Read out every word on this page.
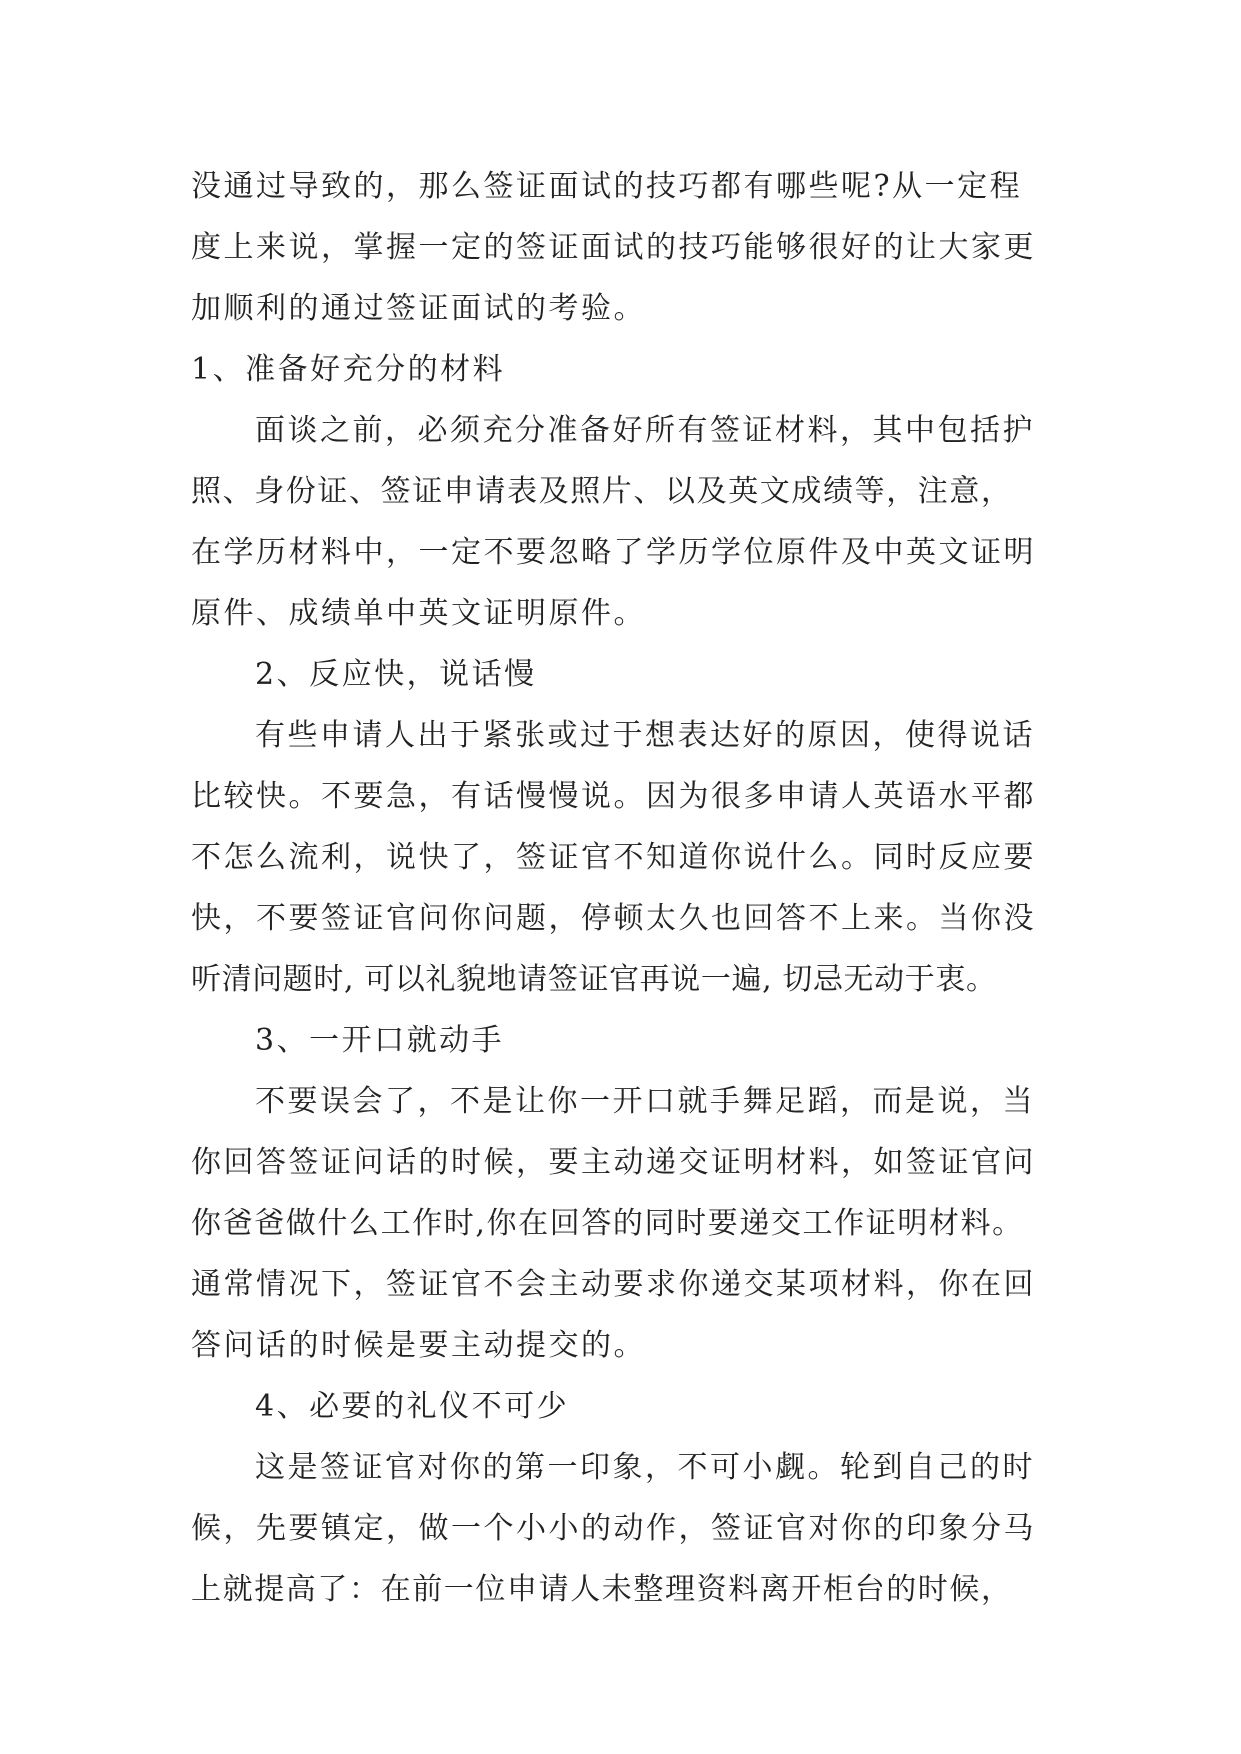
没通过导致的，那么签证面试的技巧都有哪些呢?从一定程
度上来说，掌握一定的签证面试的技巧能够很好的让大家更
加顺利的通过签证面试的考验。
1、准备好充分的材料
面谈之前，必须充分准备好所有签证材料，其中包括护
照、身份证、签证申请表及照片、以及英文成绩等，注意，
在学历材料中，一定不要忽略了学历学位原件及中英文证明
原件、成绩单中英文证明原件。
2、反应快，说话慢
有些申请人出于紧张或过于想表达好的原因，使得说话
比较快。不要急，有话慢慢说。因为很多申请人英语水平都
不怎么流利，说快了，签证官不知道你说什么。同时反应要
快，不要签证官问你问题，停顿太久也回答不上来。当你没
听清问题时, 可以礼貌地请签证官再说一遍, 切忌无动于衷。
3、一开口就动手
不要误会了，不是让你一开口就手舞足蹈，而是说，当
你回答签证问话的时候，要主动递交证明材料，如签证官问
你爸爸做什么工作时,你在回答的同时要递交工作证明材料。
通常情况下，签证官不会主动要求你递交某项材料，你在回
答问话的时候是要主动提交的。
4、必要的礼仪不可少
这是签证官对你的第一印象，不可小觑。轮到自己的时
候，先要镇定，做一个小小的动作，签证官对你的印象分马
上就提高了：在前一位申请人未整理资料离开柜台的时候，
